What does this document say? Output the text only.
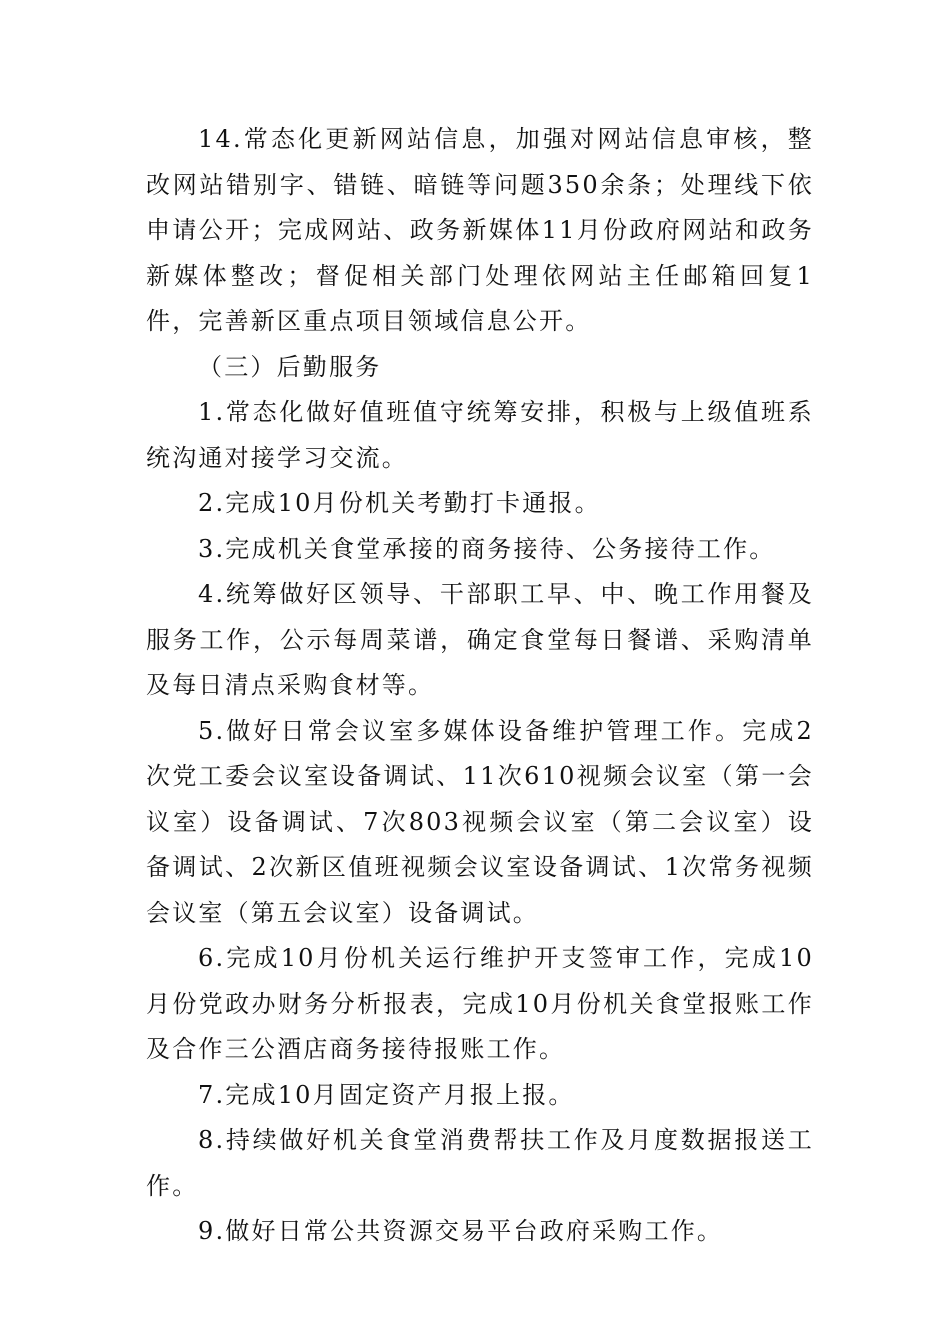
14.常态化更新网站信息，加强对网站信息审核，整改网站错别字、错链、暗链等问题350余条；处理线下依申请公开；完成网站、政务新媒体11月份政府网站和政务新媒体整改；督促相关部门处理依网站主任邮箱回复1件，完善新区重点项目领域信息公开。

（三）后勤服务

1.常态化做好值班值守统筹安排，积极与上级值班系统沟通对接学习交流。

2.完成10月份机关考勤打卡通报。

3.完成机关食堂承接的商务接待、公务接待工作。

4.统筹做好区领导、干部职工早、中、晚工作用餐及服务工作，公示每周菜谱，确定食堂每日餐谱、采购清单及每日清点采购食材等。

5.做好日常会议室多媒体设备维护管理工作。完成2次党工委会议室设备调试、11次610视频会议室（第一会议室）设备调试、7次803视频会议室（第二会议室）设备调试、2次新区值班视频会议室设备调试、1次常务视频会议室（第五会议室）设备调试。

6.完成10月份机关运行维护开支签审工作，完成10月份党政办财务分析报表，完成10月份机关食堂报账工作及合作三公酒店商务接待报账工作。

7.完成10月固定资产月报上报。

8.持续做好机关食堂消费帮扶工作及月度数据报送工作。

9.做好日常公共资源交易平台政府采购工作。
